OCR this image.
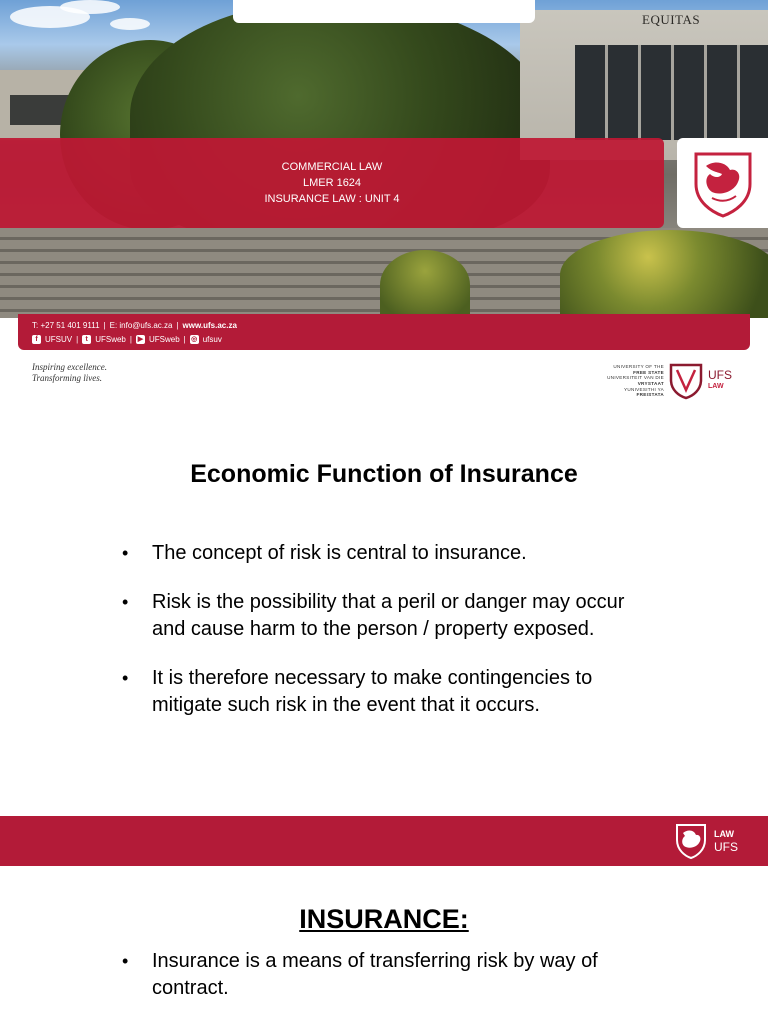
EQUITAS
COMMERCIAL LAW
LMER 1624
INSURANCE LAW : UNIT 4
T: +27 51 401 9111 | E: info@ufs.ac.za | www.ufs.ac.za
f UFSUV |	t UFSweb | ▶ UFSweb | ◎ ufsuv
Inspiring excellence.
Transforming lives.
UNIVERSITY OF THE
FREE STATE
UNIVERSITEIT VAN DIE
VRYSTAAT
YUNIVESITHI YA
FREISTATA
UFS
LAW
Economic Function of Insurance
• The concept of risk is central to insurance.
• Risk is the possibility that a peril or danger may occur and cause harm to the person / property exposed.
• It is therefore necessary to make contingencies to mitigate such risk in the event that it occurs.
LAW
UFS
INSURANCE:
• Insurance is a means of transferring risk by way of contract.
